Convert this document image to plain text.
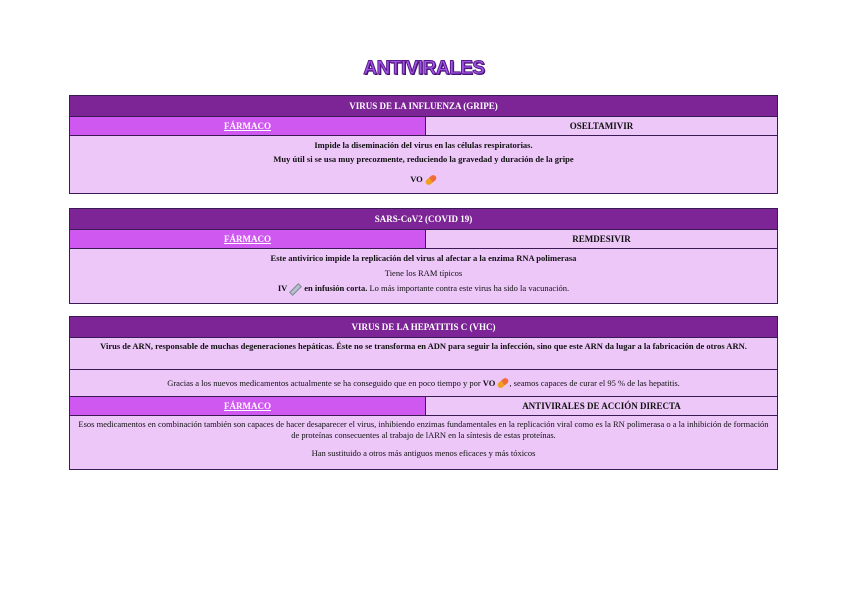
ANTIVIRALES
VIRUS DE LA INFLUENZA (GRIPE)
FÁRMACO	OSELTAMIVIR

Impide la diseminación del virus en las células respiratorias.

Muy útil si se usa muy precozmente, reduciendo la gravedad y duración de la gripe

VO

SARS-CoV2 (COVID 19)
FÁRMACO	REMDESIVIR

Este antivírico impide la replicación del virus al afectar a la enzima RNA polimerasa

Tiene los RAM típicos

IV en infusión corta. Lo más importante contra este virus ha sido la vacunación.

VIRUS DE LA HEPATITIS C (VHC)
Virus de ARN, responsable de muchas degeneraciones hepáticas. Éste no se transforma en ADN para seguir la infección, sino que este ARN da lugar a la fabricación de otros ARN.
Gracias a los nuevos medicamentos actualmente se ha conseguido que en poco tiempo y por
VO , seamos capaces de curar el 95 % de las hepatitis.
FÁRMACO	ANTIVIRALES DE ACCIÓN DIRECTA

Esos medicamentos en combinación también son capaces de hacer desaparecer el virus, inhibiendo enzimas fundamentales en la replicación viral como es la RN polimerasa o a la inhibición de formación de proteínas consecuentes al trabajo de lARN en la síntesis de estas proteínas.

Han sustituido a otros más antiguos menos eficaces y más tóxicos
